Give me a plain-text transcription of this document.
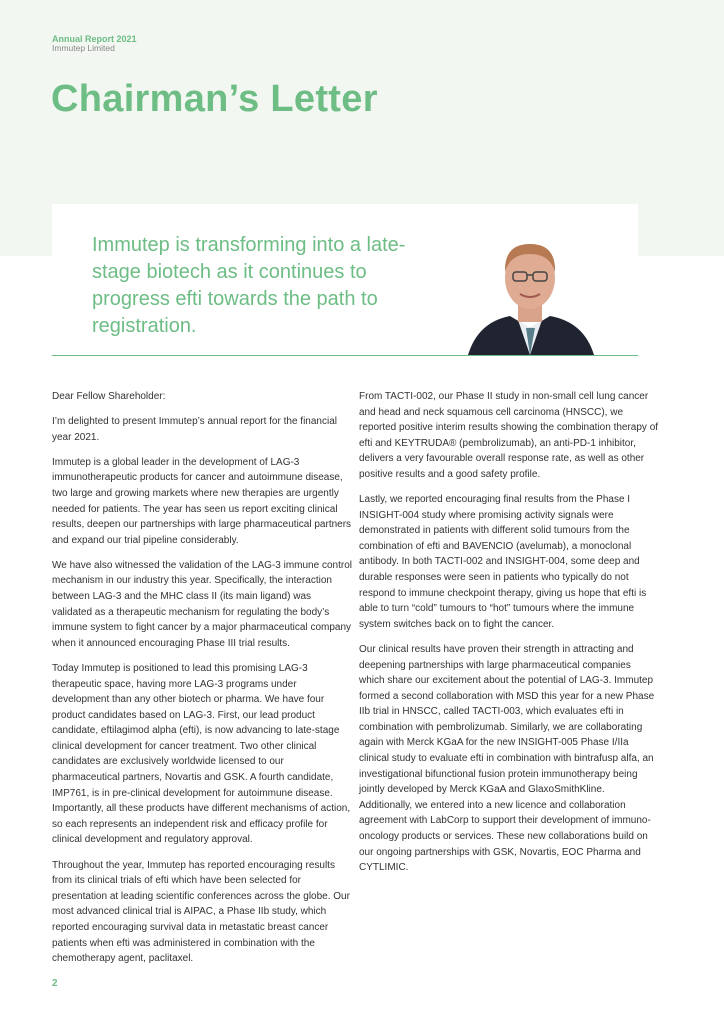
Annual Report 2021
Immutep Limited
Chairman’s Letter
Immutep is transforming into a late-stage biotech as it continues to progress efti towards the path to registration.

Dear Fellow Shareholder:

I’m delighted to present Immutep’s annual report for the financial year 2021.

Immutep is a global leader in the development of LAG-3 immunotherapeutic products for cancer and autoimmune disease, two large and growing markets where new therapies are urgently needed for patients. The year has seen us report exciting clinical results, deepen our partnerships with large pharmaceutical partners and expand our trial pipeline considerably.

We have also witnessed the validation of the LAG-3 immune control mechanism in our industry this year. Specifically, the interaction between LAG-3 and the MHC class II (its main ligand) was validated as a therapeutic mechanism for regulating the body’s immune system to fight cancer by a major pharmaceutical company when it announced encouraging Phase III trial results.

Today Immutep is positioned to lead this promising LAG-3 therapeutic space, having more LAG-3 programs under development than any other biotech or pharma. We have four product candidates based on LAG-3. First, our lead product candidate, eftilagimod alpha (efti), is now advancing to late-stage clinical development for cancer treatment. Two other clinical candidates are exclusively worldwide licensed to our pharmaceutical partners, Novartis and GSK. A fourth candidate, IMP761, is in pre-clinical development for autoimmune disease. Importantly, all these products have different mechanisms of action, so each represents an independent risk and efficacy profile for clinical development and regulatory approval.

Throughout the year, Immutep has reported encouraging results from its clinical trials of efti which have been selected for presentation at leading scientific conferences across the globe. Our most advanced clinical trial is AIPAC, a Phase IIb study, which reported encouraging survival data in metastatic breast cancer patients when efti was administered in combination with the chemotherapy agent, paclitaxel.

From TACTI-002, our Phase II study in non-small cell lung cancer and head and neck squamous cell carcinoma (HNSCC), we reported positive interim results showing the combination therapy of efti and KEYTRUDA® (pembrolizumab), an anti-PD-1 inhibitor, delivers a very favourable overall response rate, as well as other positive results and a good safety profile.

Lastly, we reported encouraging final results from the Phase I INSIGHT-004 study where promising activity signals were demonstrated in patients with different solid tumours from the combination of efti and BAVENCIO (avelumab), a monoclonal antibody. In both TACTI-002 and INSIGHT-004, some deep and durable responses were seen in patients who typically do not respond to immune checkpoint therapy, giving us hope that efti is able to turn “cold” tumours to “hot” tumours where the immune system switches back on to fight the cancer.

Our clinical results have proven their strength in attracting and deepening partnerships with large pharmaceutical companies which share our excitement about the potential of LAG-3. Immutep formed a second collaboration with MSD this year for a new Phase IIb trial in HNSCC, called TACTI-003, which evaluates efti in combination with pembrolizumab. Similarly, we are collaborating again with Merck KGaA for the new INSIGHT-005 Phase I/IIa clinical study to evaluate efti in combination with bintrafusp alfa, an investigational bifunctional fusion protein immunotherapy being jointly developed by Merck KGaA and GlaxoSmithKline. Additionally, we entered into a new licence and collaboration agreement with LabCorp to support their development of immuno-oncology products or services. These new collaborations build on our ongoing partnerships with GSK, Novartis, EOC Pharma and CYTLIMIC.

2
